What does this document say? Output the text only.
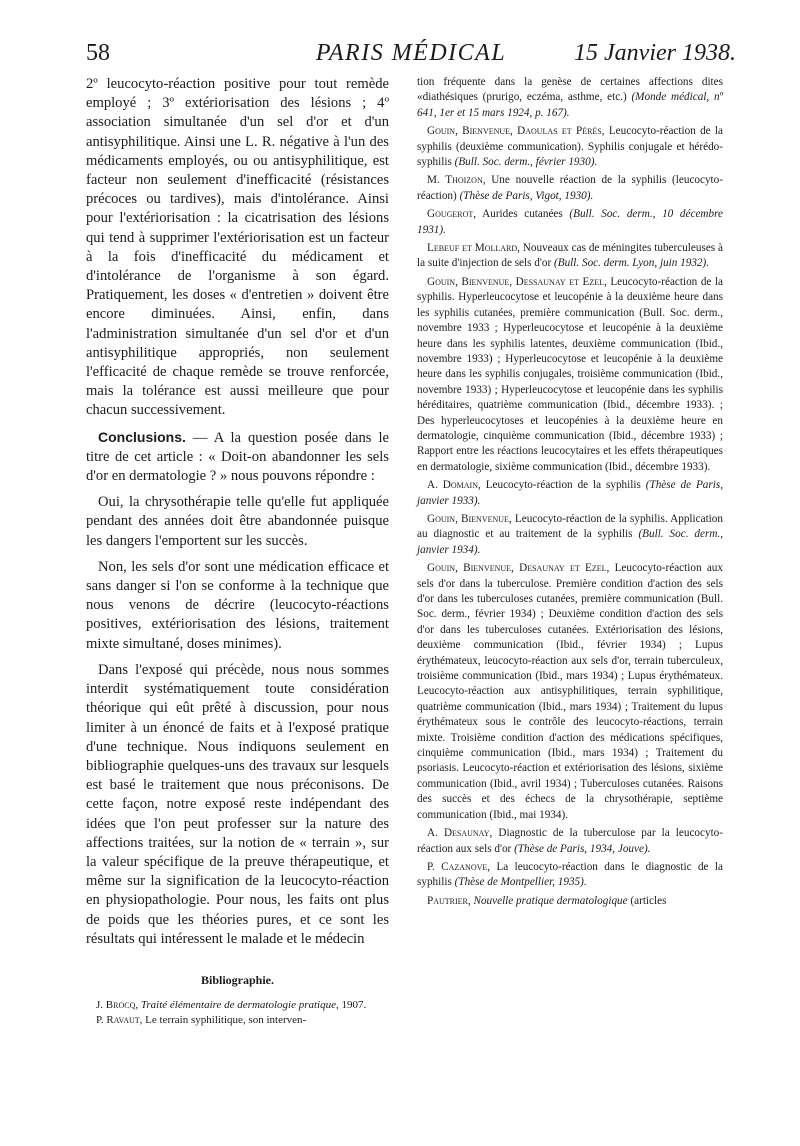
58	PARIS MÉDICAL	15 Janvier 1938.

2º leucocyto-réaction positive pour tout remède employé ; 3º extériorisation des lésions ; 4º association simultanée d'un sel d'or et d'un antisyphilitique. Ainsi une L. R. négative à l'un des médicaments employés, ou ou antisyphilitique, est facteur non seulement d'inefficacité (résistances précoces ou tardives), mais d'intolérance. Ainsi pour l'extériorisation : la cicatrisation des lésions qui tend à supprimer l'extériorisation est un facteur à la fois d'inefficacité du médicament et d'intolérance de l'organisme à son égard. Pratiquement, les doses « d'entretien » doivent être encore diminuées. Ainsi, enfin, dans l'administration simultanée d'un sel d'or et d'un antisyphilitique appropriés, non seulement l'efficacité de chaque remède se trouve renforcée, mais la tolérance est aussi meilleure que pour chacun successivement.

Conclusions. — A la question posée dans le titre de cet article : « Doit-on abandonner les sels d'or en dermatologie ? » nous pouvons répondre :

Oui, la chrysothérapie telle qu'elle fut appliquée pendant des années doit être abandonnée puisque les dangers l'emportent sur les succès.

Non, les sels d'or sont une médication efficace et sans danger si l'on se conforme à la technique que nous venons de décrire (leucocyto-réactions positives, extériorisation des lésions, traitement mixte simultané, doses minimes).

Dans l'exposé qui précède, nous nous sommes interdit systématiquement toute considération théorique qui eût prêté à discussion, pour nous limiter à un énoncé de faits et à l'exposé pratique d'une technique. Nous indiquons seulement en bibliographie quelques-uns des travaux sur lesquels est basé le traitement que nous préconisons. De cette façon, notre exposé reste indépendant des idées que l'on peut professer sur la nature des affections traitées, sur la notion de « terrain », sur la valeur spécifique de la preuve thérapeutique, et même sur la signification de la leucocyto-réaction en physiopathologie. Pour nous, les faits ont plus de poids que les théories pures, et ce sont les résultats qui intéressent le malade et le médecin

Bibliographie.

J. Brocq, Traité élémentaire de dermatologie pratique, 1907.

P. Ravaut, Le terrain syphilitique, son interven-

tion fréquente dans la genèse de certaines affections dites «diathésiques (prurigo, eczéma, asthme, etc.) (Monde médical, nº 641, 1er et 15 mars 1924, p. 167).

Gouin, Bienvenue, Daoulas et Pérès, Leucocyto-réaction de la syphilis (deuxième communication). Syphilis conjugale et hérédo-syphilis (Bull. Soc. derm., février 1930).

M. Thoizon, Une nouvelle réaction de la syphilis (leucocyto-réaction) (Thèse de Paris, Vigot, 1930).

Gougerot, Aurides cutanées (Bull. Soc. derm., 10 décembre 1931).

Lebeuf et Mollard, Nouveaux cas de méningites tuberculeuses à la suite d'injection de sels d'or (Bull. Soc. derm. Lyon, juin 1932).

Gouin, Bienvenue, Dessaunay et Ezel, Leucocyto-réaction de la syphilis. Hyperleucocytose et leucopénie à la deuxième heure dans les syphilis cutanées, première communication (Bull. Soc. derm., novembre 1933 ; Hyperleucocytose et leucopénie à la deuxième heure dans les syphilis latentes, deuxième communication (Ibid., novembre 1933) ; Hyperleucocytose et leucopénie à la deuxième heure dans les syphilis conjugales, troisième communication (Ibid., novembre 1933) ; Hyperleucocytose et leucopénie dans les syphilis héréditaires, quatrième communication (Ibid., décembre 1933). ; Des hyperleucocytoses et leucopénies à la deuxième heure en dermatologie, cinquième communication (Ibid., décembre 1933) ; Rapport entre les réactions leucocytaires et les effets thérapeutiques en dermatologie, sixième communication (Ibid., décembre 1933).

A. Domain, Leucocyto-réaction de la syphilis (Thèse de Paris, janvier 1933).

Gouin, Bienvenue, Leucocyto-réaction de la syphilis. Application au diagnostic et au traitement de la syphilis (Bull. Soc. derm., janvier 1934).

Gouin, Bienvenue, Desaunay et Ezel, Leucocyto-réaction aux sels d'or dans la tuberculose. Première condition d'action des sels d'or dans les tuberculoses cutanées, première communication (Bull. Soc. derm., février 1934) ; Deuxième condition d'action des sels d'or dans les tuberculoses cutanées. Extériorisation des lésions, deuxième communication (Ibid., février 1934) ; Lupus érythémateux, leucocyto-réaction aux sels d'or, terrain tuberculeux, troisième communication (Ibid., mars 1934) ; Lupus érythémateux. Leucocyto-réaction aux antisyphilitiques, terrain syphilitique, quatrième communication (Ibid., mars 1934) ; Traitement du lupus érythémateux sous le contrôle des leucocyto-réactions, terrain mixte. Troisième condition d'action des médications spécifiques, cinquième communication (Ibid., mars 1934) ; Traitement du psoriasis. Leucocyto-réaction et extériorisation des lésions, sixième communication (Ibid., avril 1934) ; Tuberculoses cutanées. Raisons des succès et des échecs de la chrysothérapie, septième communication (Ibid., mai 1934).

A. Desaunay, Diagnostic de la tuberculose par la leucocyto-réaction aux sels d'or (Thèse de Paris, 1934, Jouve).

P. Cazanove, La leucocyto-réaction dans le diagnostic de la syphilis (Thèse de Montpellier, 1935).

Pautrier, Nouvelle pratique dermatologique (articles
